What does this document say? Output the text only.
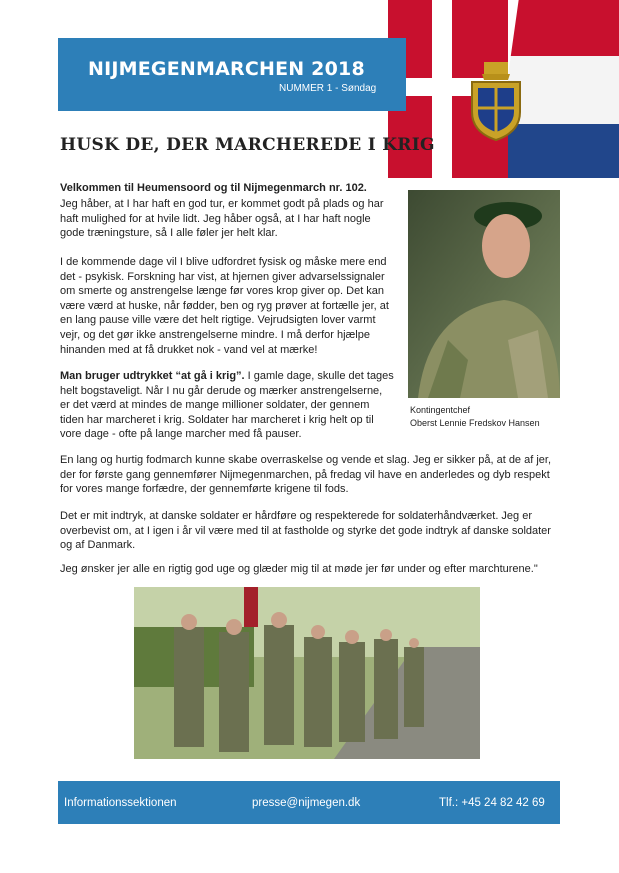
NIJMEGENMARCHEN 2018
NUMMER 1 - Søndag
HUSK DE, DER MARCHEREDE I KRIG
Velkommen til Heumensoord og til Nijmegenmarch nr. 102.
Jeg håber, at I har haft en god tur, er kommet godt på plads og har haft mulighed for at hvile lidt. Jeg håber også, at I har haft nogle gode træningsture, så I alle føler jer helt klar.
I de kommende dage vil I blive udfordret fysisk og måske mere end det - psykisk. Forskning har vist, at hjernen giver advarselssignaler om smerte og anstrengelse længe før vores krop giver op. Det kan være værd at huske, når fødder, ben og ryg prøver at fortælle jer, at en lang pause ville være det helt rigtige. Vejrudsigten lover varmt vejr, og det gør ikke anstrengelserne mindre. I må derfor hjælpe hinanden med at få drukket nok - vand vel at mærke!
Man bruger udtrykket “at gå i krig”. I gamle dage, skulle det tages helt bogstaveligt. Når I nu går derude og mærker anstrengelserne, er det værd at mindes de mange millioner soldater, der gennem tiden har marcheret i krig. Soldater har marcheret i krig helt op til vore dage - ofte på lange marcher med få pauser.
Kontingentchef
Oberst Lennie Fredskov Hansen
En lang og hurtig fodmarch kunne skabe overraskelse og vende et slag. Jeg er sikker på, at de af jer, der for første gang gennemfører Nijmegenmarchen, på fredag vil have en anderledes og dyb respekt for vores mange forfædre, der gennemførte krigene til fods.
Det er mit indtryk, at danske soldater er hårdføre og respekterede for soldaterhåndværket. Jeg er overbevist om, at I igen i år vil være med til at fastholde og styrke det gode indtryk af danske soldater og af Danmark.
Jeg ønsker jer alle en rigtig god uge og glæder mig til at møde jer før under og efter marchturene."
Informationssektionen	presse@nijmegen.dk	Tlf.: +45 24 82 42 69
